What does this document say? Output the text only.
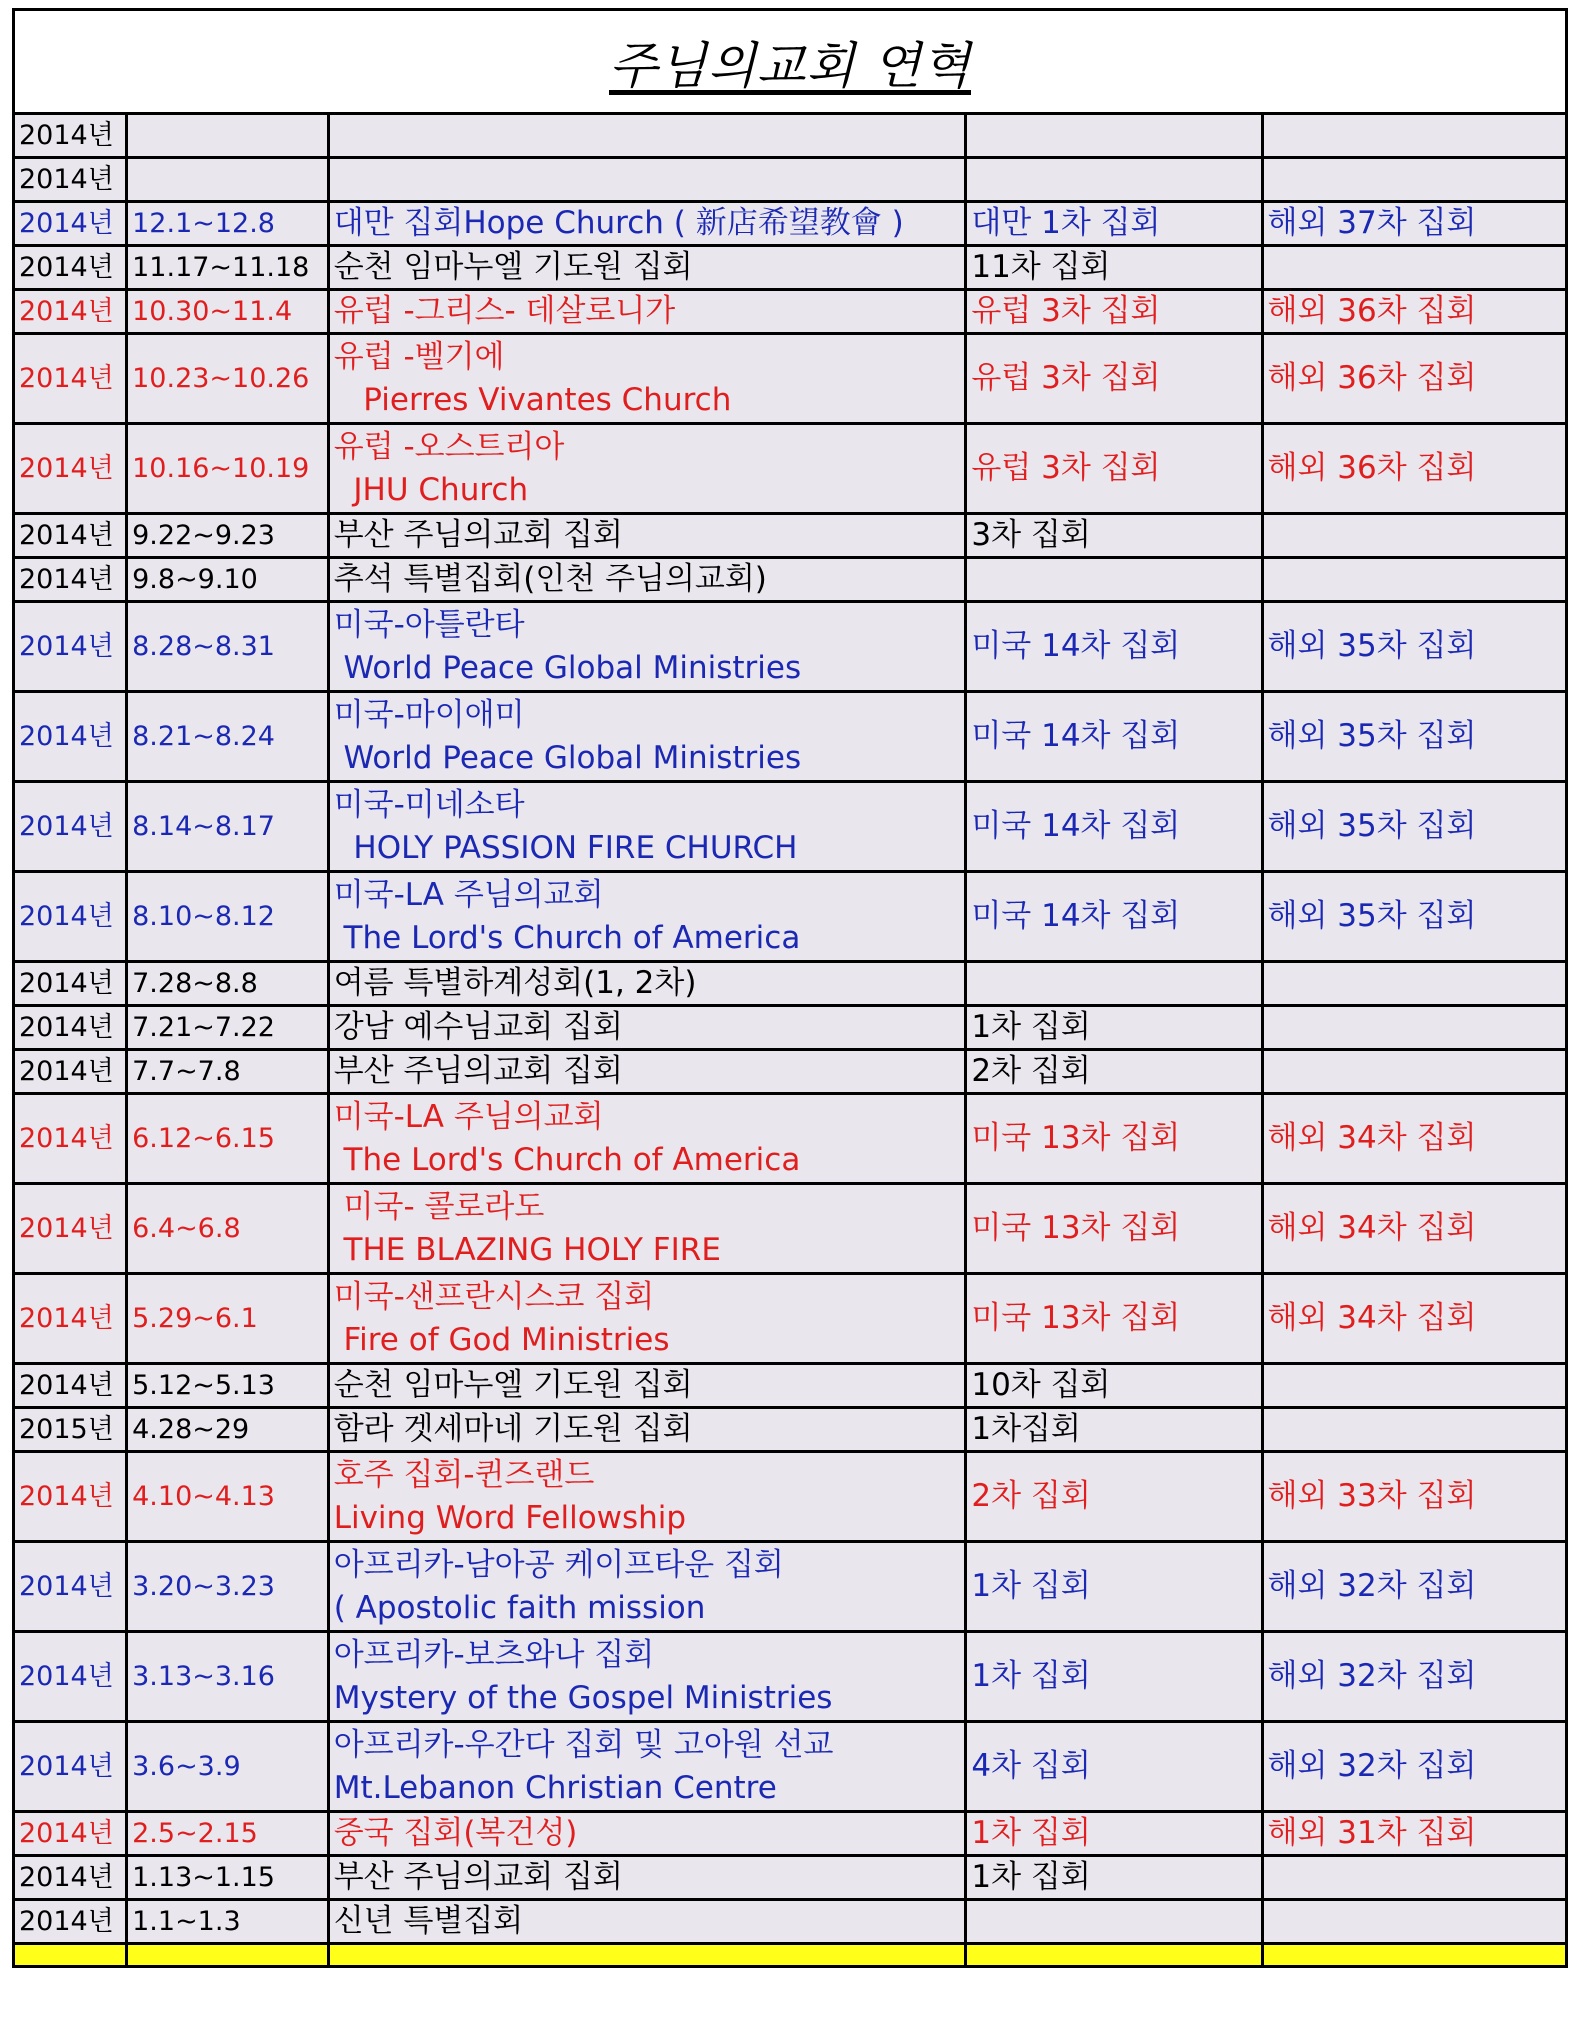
주님의교회 연혁
2014년				

2014년				

2014년	12.1~12.8	대만 집회Hope Church ( 新店希望教會 )	대만 1차 집회	해외 37차 집회

2014년	11.17~11.18	순천 임마누엘 기도원 집회	11차 집회	

2014년	10.30~11.4	유럽 -그리스- 데살로니가	유럽 3차 집회	해외 36차 집회

2014년	10.23~10.26	유럽 -벨기에
Pierres Vivantes Church	유럽 3차 집회	해외 36차 집회

2014년	10.16~10.19	유럽 -오스트리아
JHU Church	유럽 3차 집회	해외 36차 집회

2014년	9.22~9.23	부산 주님의교회 집회	3차 집회	

2014년	9.8~9.10	추석 특별집회(인천 주님의교회)		

2014년	8.28~8.31	미국-아틀란타
World Peace Global Ministries	미국 14차 집회	해외 35차 집회

2014년	8.21~8.24	미국-마이애미
World Peace Global Ministries	미국 14차 집회	해외 35차 집회

2014년	8.14~8.17	미국-미네소타
HOLY PASSION FIRE CHURCH	미국 14차 집회	해외 35차 집회

2014년	8.10~8.12	미국-LA 주님의교회
The Lord's Church of America	미국 14차 집회	해외 35차 집회

2014년	7.28~8.8	여름 특별하계성회(1, 2차)		

2014년	7.21~7.22	강남 예수님교회 집회	1차 집회	

2014년	7.7~7.8	부산 주님의교회 집회	2차 집회	

2014년	6.12~6.15	미국-LA 주님의교회
The Lord's Church of America	미국 13차 집회	해외 34차 집회

2014년	6.4~6.8	미국- 콜로라도
THE BLAZING HOLY FIRE	미국 13차 집회	해외 34차 집회

2014년	5.29~6.1	미국-샌프란시스코 집회
Fire of God Ministries	미국 13차 집회	해외 34차 집회

2014년	5.12~5.13	순천 임마누엘 기도원 집회	10차 집회	

2015년	4.28~29	함라 겟세마네 기도원 집회	1차집회	

2014년	4.10~4.13	호주 집회-퀸즈랜드
Living Word Fellowship	2차 집회	해외 33차 집회

2014년	3.20~3.23	아프리카-남아공 케이프타운 집회
( Apostolic faith mission	1차 집회	해외 32차 집회

2014년	3.13~3.16	아프리카-보츠와나 집회
Mystery of the Gospel Ministries	1차 집회	해외 32차 집회

2014년	3.6~3.9	아프리카-우간다 집회 및 고아원 선교
Mt.Lebanon Christian Centre	4차 집회	해외 32차 집회

2014년	2.5~2.15	중국 집회(복건성)	1차 집회	해외 31차 집회

2014년	1.13~1.15	부산 주님의교회 집회	1차 집회	

2014년	1.1~1.3	신년 특별집회		
